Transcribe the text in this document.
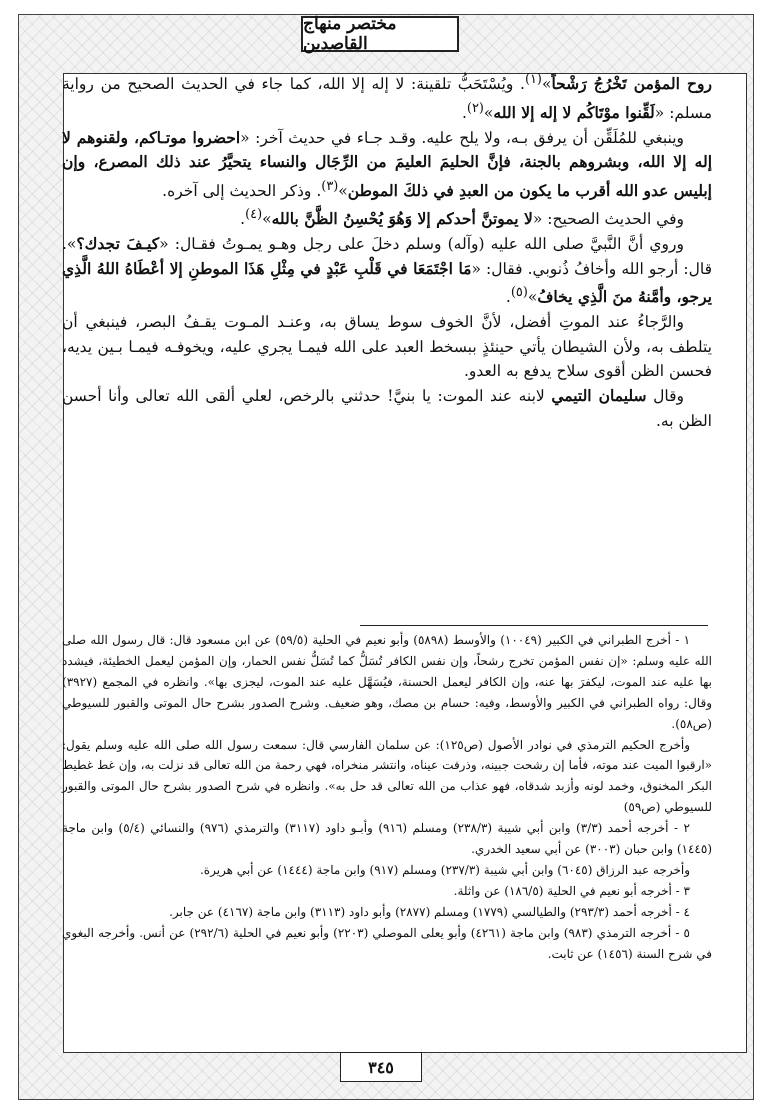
مختصر منهاج القاصدين

روح المؤمن تَخْرُجُ رَشْحاً»$^{(١)}$. ويُسْتَحَبُّ تلقينة: لا إله إلا الله، كما جاء في الحديث الصحيح من رواية مسلم: «لَقِّنوا موْتَاكُم لا إله إلا الله»$^{(٢)}$.

وينبغي للمُلَقِّن أن يرفق بـه، ولا يلح عليه. وقـد جـاء في حديث آخر: «احضروا موتـاكم، ولقنوهم لا إله إلا الله، وبشروهم بالجنة، فإنَّ الحليمَ العليمَ من الرِّجَال والنساء يتحيَّرُ عند ذلك المصرع، وإن إبليس عدو الله أقرب ما يكون من العبدِ في ذلكَ الموطن»$^{(٣)}$. وذكر الحديث إلى آخره.

وفي الحديث الصحيح: «لا يموتنَّ أحدكم إلا وَهُوَ يُحْسِنُ الظَّنَّ بالله»$^{(٤)}$.

وروي أنَّ النَّبيَّ صلى الله عليه (وآله) وسلم دخلَ على رجل وهـو يمـوتُ فقـال: «كيـفَ تجدك؟». قال: أرجو الله وأخافُ ذُنوبي. فقال: «مَا اجْتَمَعَا في قَلْبِ عَبْدٍ في مِثْلِ هَذَا الموطنِ إلا أعْطَاهُ اللهُ الَّذِي يرجو، وأمَّنهُ منَ الَّذِي يخافُ»$^{(٥)}$.

والرَّجاءُ عند الموتِ أفضل، لأنَّ الخوف سوط يساق به، وعنـد المـوت يقـفُ البصر، فينبغي أن يتلطف به، ولأن الشيطان يأتي حينئذٍ ببسخط العبد على الله فيمـا يجري عليه، ويخوفـه فيمـا بـين يديه، فحسن الظن أقوى سلاح يدفع به العدو.

وقال سليمان التيمي لابنه عند الموت: يا بنيَّ! حدثني بالرخص، لعلي ألقى الله تعالى وأنا أحسن الظن به.

١ - أخرج الطبراني في الكبير (١٠٠٤٩) والأوسط (٥٨٩٨) وأبو نعيم في الحلية (٥٩/٥) عن ابن مسعود قال: قال رسول الله صلى الله عليه وسلم: «إن نفس المؤمن تخرج رشحاً، وإن نفس الكافر تُسَلُّ كما تُسَلُّ نفس الحمار، وإن المؤمن ليعمل الخطيئة، فيشدد بها عليه عند الموت، ليكفرَ بها عنه، وإن الكافر ليعمل الحسنة، فيُسَهَّل عليه عند الموت، ليجزى بها». وانظره في المجمع (٣٩٢٧) وقال: رواه الطبراني في الكبير والأوسط، وفيه: حسام بن مصك، وهو ضعيف. وشرح الصدور بشرح حال الموتى والقبور للسيوطي (ص٥٨).

وأخرج الحكيم الترمذي في نوادر الأصول (ص١٢٥): عن سلمان الفارسي قال: سمعت رسول الله صلى الله عليه وسلم يقول: «ارقبوا الميت عند موته، فأما إن رشحت جبينه، وذرفت عيناه، وانتشر منخراه، فهي رحمة من الله تعالى قد نزلت به، وإن غط غطيط البكر المخنوق، وخمد لونه وأزبد شدقاه، فهو عذاب من الله تعالى قد حل به». وانظره في شرح الصدور بشرح حال الموتى والقبور للسيوطي (ص٥٩)

٢ - أخرجه أحمد (٣/٣) وابن أبي شيبة (٢٣٨/٣) ومسلم (٩١٦) وأبـو داود (٣١١٧) والترمذي (٩٧٦) والنسائي (٥/٤) وابن ماجة (١٤٤٥) وابن حبان (٣٠٠٣) عن أبي سعيد الخدري.

وأخرجه عبد الرزاق (٦٠٤٥) وابن أبي شيبة (٢٣٧/٣) ومسلم (٩١٧) وابن ماجة (١٤٤٤) عن أبي هريرة.

٣ - أخرجه أبو نعيم في الحلية (١٨٦/٥) عن واثلة.

٤ - أخرجه أحمد (٢٩٣/٣) والطيالسي (١٧٧٩) ومسلم (٢٨٧٧) وأبو داود (٣١١٣) وابن ماجة (٤١٦٧) عن جابر.

٥ - أخرجه الترمذي (٩٨٣) وابن ماجة (٤٢٦١) وأبو يعلى الموصلي (٢٢٠٣) وأبو نعيم في الحلية (٢٩٢/٦) عن أنس. وأخرجه البغوي في شرح السنة (١٤٥٦) عن ثابت.

٣٤٥
